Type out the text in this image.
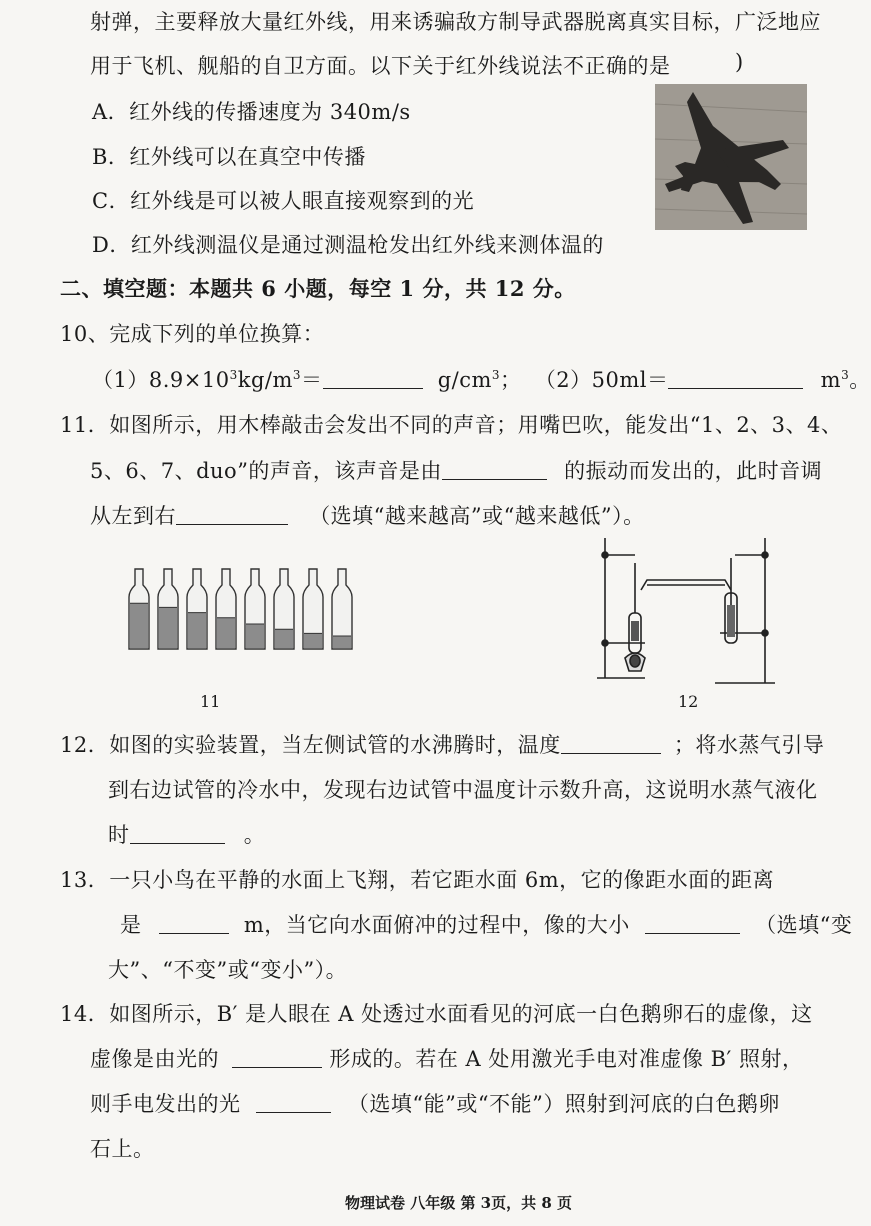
射弹，主要释放大量红外线，用来诱骗敌方制导武器脱离真实目标，广泛地应
用于飞机、舰船的自卫方面。以下关于红外线说法不正确的是	)
A．红外线的传播速度为 340m/s
B．红外线可以在真空中传播
C．红外线是可以被人眼直接观察到的光
D．红外线测温仪是通过测温枪发出红外线来测体温的
二、填空题：本题共 6 小题，每空 1 分，共 12 分。
10、完成下列的单位换算：
$(1)8.9\times 10^3kg/m^3=$	$g/cm^3$； （2）50ml＝	$m^3$。
11．如图所示，用木棒敲击会发出不同的声音；用嘴巴吹，能发出“1、2、3、4、
5、6、7、duo”的声音，该声音是由	的振动而发出的，此时音调
从左到右	（选填“越来越高”或“越来越低”）。
11	12
12．如图的实验装置，当左侧试管的水沸腾时，温度	；将水蒸气引导
到右边试管的冷水中，发现右边试管中温度计示数升高，这说明水蒸气液化
时	。
13．一只小鸟在平静的水面上飞翔，若它距水面 6m，它的像距水面的距离
是	m，当它向水面俯冲的过程中，像的大小	（选填“变
大”、“不变”或“变小”）。
14．如图所示，B′ 是人眼在 A 处透过水面看见的河底一白色鹅卵石的虚像，这
虚像是由光的	形成的。若在 A 处用激光手电对准虚像 B′ 照射，
则手电发出的光	（选填“能”或“不能”）照射到河底的白色鹅卵
石上。
物理试卷 八年级 第 3页，共 8 页
